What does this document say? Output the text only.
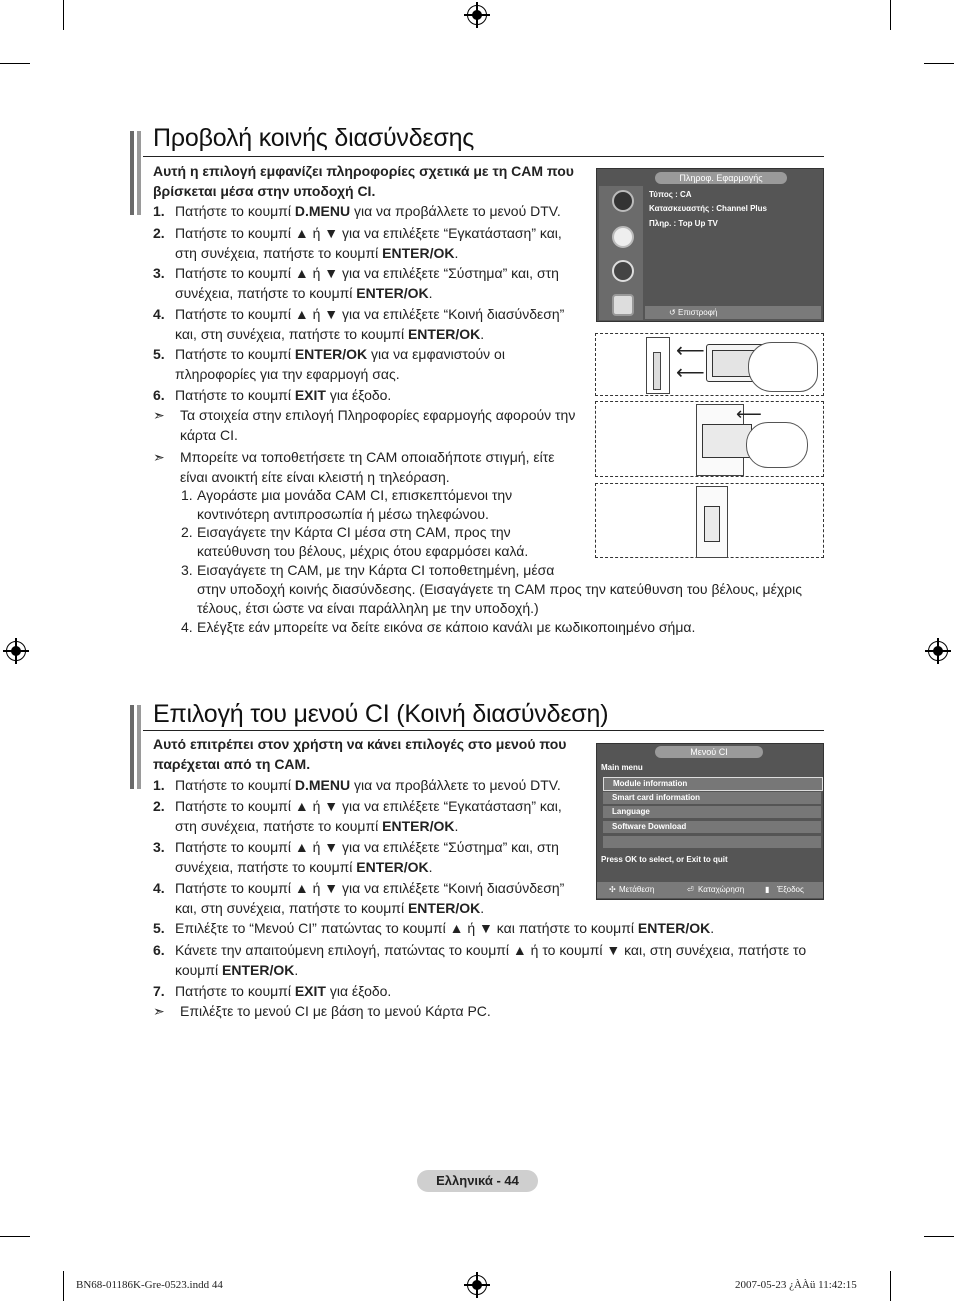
Προβολή κοινής διασύνδεσης
Αυτή η επιλογή εμφανίζει πληροφορίες σχετικά με τη CAM που
βρίσκεται μέσα στην υποδοχή CI.
1. Πατήστε το κουμπί D.MENU για να προβάλλετε το μενού DTV.
2. Πατήστε το κουμπί ▲ ή ▼ για να επιλέξετε “Εγκατάσταση” και,
στη συνέχεια, πατήστε το κουμπί ENTER/OK.
3. Πατήστε το κουμπί ▲ ή ▼ για να επιλέξετε “Σύστημα” και, στη
συνέχεια, πατήστε το κουμπί ENTER/OK.
4. Πατήστε το κουμπί ▲ ή ▼ για να επιλέξετε “Κοινή διασύνδεση”
και, στη συνέχεια, πατήστε το κουμπί ENTER/OK.
5. Πατήστε το κουμπί ENTER/OK για να εμφανιστούν οι
πληροφορίες για την εφαρμογή σας.
6. Πατήστε το κουμπί EXIT για έξοδο.
➣ Τα στοιχεία στην επιλογή Πληροφορίες εφαρμογής αφορούν την
κάρτα CI.
➣ Μπορείτε να τοποθετήσετε τη CAM οποιαδήποτε στιγμή, είτε
είναι ανοικτή είτε είναι κλειστή η τηλεόραση.
1. Αγοράστε μια μονάδα CAM CI, επισκεπτόμενοι την
κοντινότερη αντιπροσωπία ή μέσω τηλεφώνου.
2. Εισαγάγετε την Κάρτα CI μέσα στη CAM, προς την
κατεύθυνση του βέλους, μέχρις ότου εφαρμόσει καλά.
3. Εισαγάγετε τη CAM, με την Κάρτα CI τοποθετημένη, μέσα
στην υποδοχή κοινής διασύνδεσης. (Εισαγάγετε τη CAM προς την κατεύθυνση του βέλους, μέχρις
τέλους, έτσι ώστε να είναι παράλληλη με την υποδοχή.)
4. Ελέγξτε εάν μπορείτε να δείτε εικόνα σε κάποιο κανάλι με κωδικοποιημένο σήμα.
Πληροφ. Εφαρμογής
Τύπος : CA
Κατασκευαστής : Channel Plus
Πληρ. : Top Up TV
↺ Επιστροφή
⟵
⟵
⟵
Επιλογή του μενού CI (Κοινή διασύνδεση)
Αυτό επιτρέπει στον χρήστη να κάνει επιλογές στο μενού που
παρέχεται από τη CAM.
1. Πατήστε το κουμπί D.MENU για να προβάλλετε το μενού DTV.
2. Πατήστε το κουμπί ▲ ή ▼ για να επιλέξετε “Εγκατάσταση” και,
στη συνέχεια, πατήστε το κουμπί ENTER/OK.
3. Πατήστε το κουμπί ▲ ή ▼ για να επιλέξετε “Σύστημα” και, στη
συνέχεια, πατήστε το κουμπί ENTER/OK.
4. Πατήστε το κουμπί ▲ ή ▼ για να επιλέξετε “Κοινή διασύνδεση”
και, στη συνέχεια, πατήστε το κουμπί ENTER/OK.
5. Επιλέξτε το “Μενού CI” πατώντας το κουμπί ▲ ή ▼ και πατήστε το κουμπί ENTER/OK.
6. Κάνετε την απαιτούμενη επιλογή, πατώντας το κουμπί ▲ ή το κουμπί ▼ και, στη συνέχεια, πατήστε το
κουμπί ENTER/OK.
7. Πατήστε το κουμπί EXIT για έξοδο.
➣ Επιλέξτε το μενού CI με βάση το μενού Κάρτα PC.
Μενού CI
Main menu
Module information
Smart card information
Language
Software Download
Press OK to select, or Exit to quit
✣ Μετάθεση	⏎ Καταχώρηση	▮ Έξοδος
Ελληνικά - 44
BN68-01186K-Gre-0523.indd 44	2007-05-23 ¿ÀÀü 11:42:15
